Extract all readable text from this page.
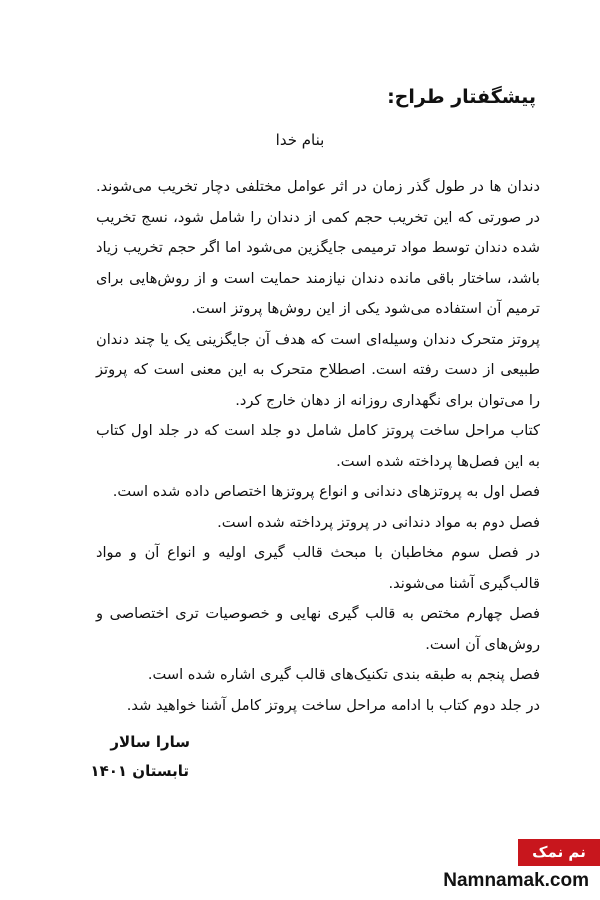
پیشگفتار طراح:
بنام خدا

دندان ها در طول گذر زمان در اثر عوامل مختلفی دچار تخریب می‌شوند. در صورتی که این تخریب حجم کمی از دندان را شامل شود، نسج تخریب شده دندان توسط مواد ترمیمی جایگزین می‌شود اما اگر حجم تخریب زیاد باشد، ساختار باقی مانده دندان نیازمند حمایت است و از روش‌هایی برای ترمیم آن استفاده می‌شود یکی از این روش‌ها پروتز است.

پروتز متحرک دندان وسیله‌ای است که هدف آن جایگزینی یک یا چند دندان طبیعی از دست رفته است. اصطلاح متحرک به این معنی است که پروتز را می‌توان برای نگهداری روزانه از دهان خارج کرد.

کتاب مراحل ساخت پروتز کامل شامل دو جلد است که در جلد اول کتاب به این فصل‌ها پرداخته شده است.

فصل اول به پروتزهای دندانی و انواع پروتزها اختصاص داده شده است.

فصل دوم به مواد دندانی در پروتز پرداخته شده است.

در فصل سوم مخاطبان با مبحث قالب گیری اولیه و انواع آن و مواد قالب‌گیری آشنا می‌شوند.

فصل چهارم مختص به قالب گیری نهایی و خصوصیات تری اختصاصی و روش‌های آن است.

فصل پنجم به طبقه بندی تکنیک‌های قالب گیری اشاره شده است.

در جلد دوم کتاب با ادامه مراحل ساخت پروتز کامل آشنا خواهید شد.

سارا سالار
تابستان ۱۴۰۱
نم نمک
Namnamak.com
